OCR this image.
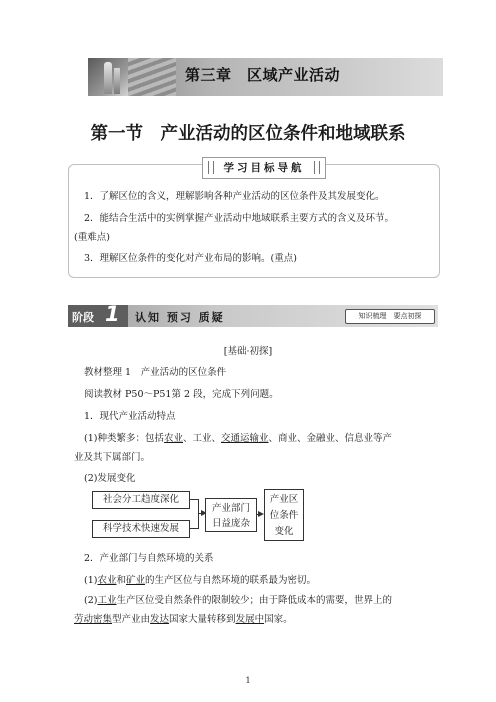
第三章　区域产业活动
第一节　产业活动的区位条件和地域联系
学习目标导航
1．了解区位的含义，理解影响各种产业活动的区位条件及其发展变化。
2．能结合生活中的实例掌握产业活动中地域联系主要方式的含义及环节。
(重难点)
3．理解区位条件的变化对产业布局的影响。(重点)
阶段 1 认知 预习 质疑	知识梳理　要点初探
[基础·初探]
教材整理 1　产业活动的区位条件
阅读教材 P50～P51第 2 段，完成下列问题。
1．现代产业活动特点
(1)种类繁多：包括农业、工业、交通运输业、商业、金融业、信息业等产
业及其下属部门。
(2)发展变化
社会分工趋度深化
科学技术快速发展
产业部门
日益庞杂
产业区
位条件
变化
2．产业部门与自然环境的关系
(1)农业和矿业的生产区位与自然环境的联系最为密切。
(2)工业生产区位受自然条件的限制较少；由于降低成本的需要，世界上的
劳动密集型产业由发达国家大量转移到发展中国家。
1
